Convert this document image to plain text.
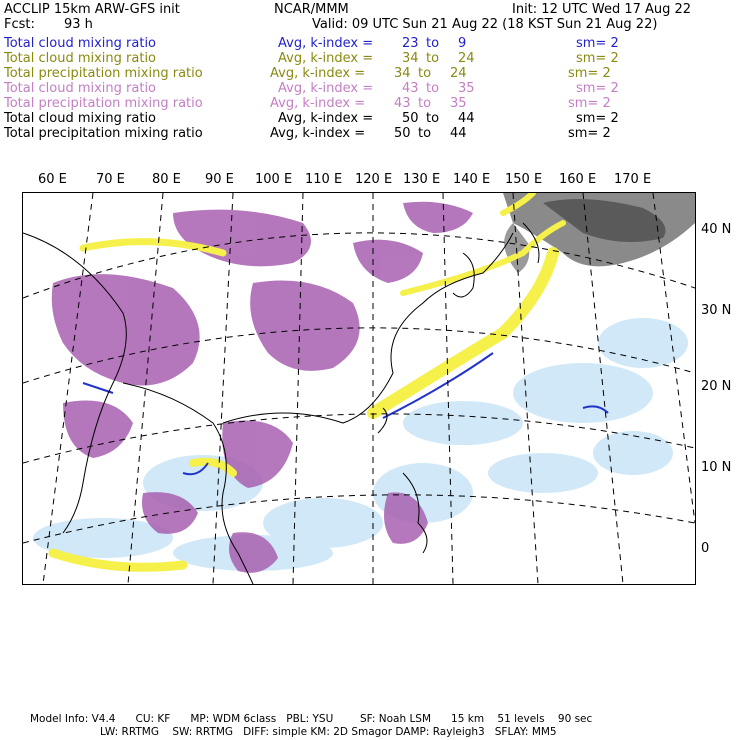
ACCLIP 15km ARW-GFS init	NCAR/MMM	Init: 12 UTC Wed 17 Aug 22
Fcst: 93 h	Valid: 09 UTC Sun 21 Aug 22 (18 KST Sun 21 Aug 22)
Total cloud mixing ratio	Avg, k-index = 23 to 9	sm= 2
Total cloud mixing ratio	Avg, k-index = 34 to 24	sm= 2
Total precipitation mixing ratio	Avg, k-index = 34 to 24	sm= 2
Total cloud mixing ratio	Avg, k-index = 43 to 35	sm= 2
Total precipitation mixing ratio	Avg, k-index = 43 to 35	sm= 2
Total cloud mixing ratio	Avg, k-index = 50 to 44	sm= 2
Total precipitation mixing ratio	Avg, k-index = 50 to 44	sm= 2
60 E 70 E 80 E 90 E 100 E 110 E 120 E 130 E 140 E 150 E 160 E 170 E
40 N
30 N
20 N
10 N
0
Model Info: V4.4      CU: KF      MP: WDM 6class   PBL: YSU        SF: Noah LSM      15 km    51 levels    90 sec
LW: RRTMG    SW: RRTMG   DIFF: simple KM: 2D Smagor DAMP: Rayleigh3   SFLAY: MM5
